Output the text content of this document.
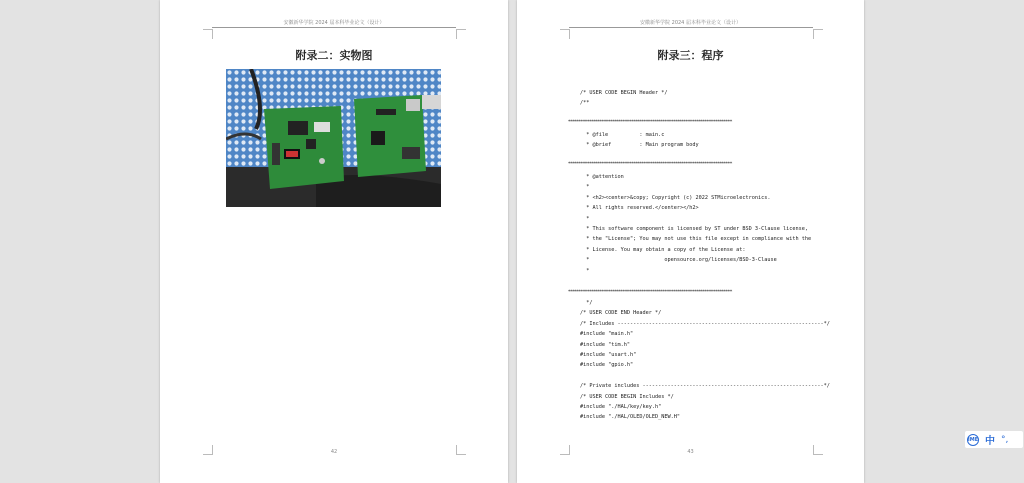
安徽新华学院 2024 届本科毕业论文（设计）
附录二：实物图
42
安徽新华学院 2024 届本科毕业论文（设计）
附录三：程序
/* USER CODE BEGIN Header */
/**
******************************************************************************
* @file          : main.c
* @brief         : Main program body
******************************************************************************
* @attention
*
* <h2><center>&copy; Copyright (c) 2022 STMicroelectronics.
* All rights reserved.</center></h2>
*
* This software component is licensed by ST under BSD 3-Clause license,
* the "License"; You may not use this file except in compliance with the
* License. You may obtain a copy of the License at:
*                        opensource.org/licenses/BSD-3-Clause
*
******************************************************************************
*/
/* USER CODE END Header */
/* Includes ------------------------------------------------------------------*/
#include "main.h"
#include "tim.h"
#include "usart.h"
#include "gpio.h"

/* Private includes ----------------------------------------------------------*/
/* USER CODE BEGIN Includes */
#include "./HAL/key/key.h"
#include "./HAL/OLED/OLED_NEW.H"
43
IME 中 °,
